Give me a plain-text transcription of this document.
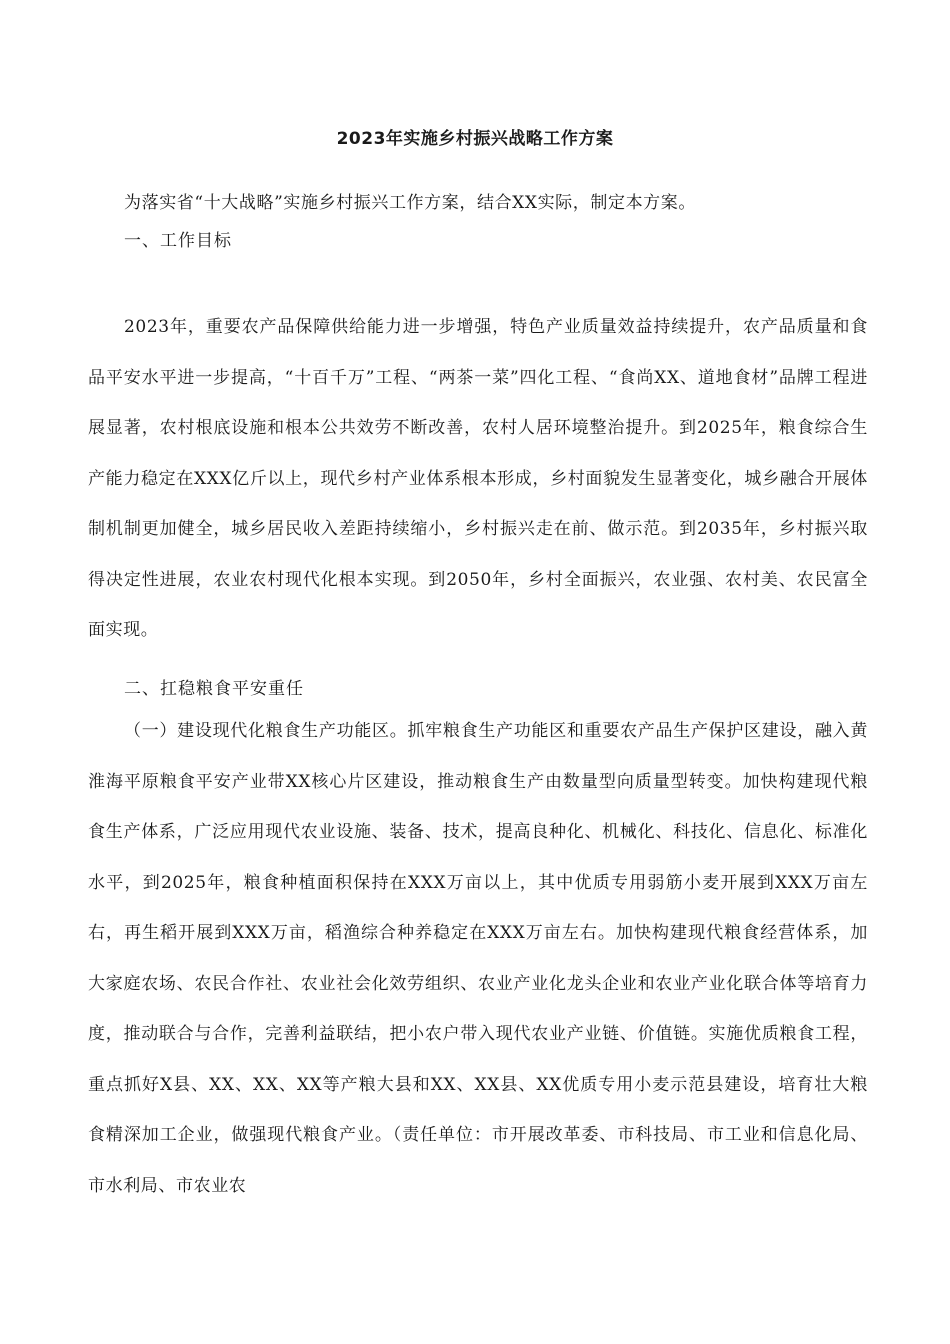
2023年实施乡村振兴战略工作方案

为落实省“十大战略”实施乡村振兴工作方案，结合XX实际，制定本方案。

一、工作目标

2023年，重要农产品保障供给能力进一步增强，特色产业质量效益持续提升，农产品质量和食品平安水平进一步提高，“十百千万”工程、“两茶一菜”四化工程、“食尚XX、道地食材”品牌工程进展显著，农村根底设施和根本公共效劳不断改善，农村人居环境整治提升。到2025年，粮食综合生产能力稳定在XXX亿斤以上，现代乡村产业体系根本形成，乡村面貌发生显著变化，城乡融合开展体制机制更加健全，城乡居民收入差距持续缩小，乡村振兴走在前、做示范。到2035年，乡村振兴取得决定性进展，农业农村现代化根本实现。到2050年，乡村全面振兴，农业强、农村美、农民富全面实现。

二、扛稳粮食平安重任

（一）建设现代化粮食生产功能区。抓牢粮食生产功能区和重要农产品生产保护区建设，融入黄淮海平原粮食平安产业带XX核心片区建设，推动粮食生产由数量型向质量型转变。加快构建现代粮食生产体系，广泛应用现代农业设施、装备、技术，提高良种化、机械化、科技化、信息化、标准化水平，到2025年，粮食种植面积保持在XXX万亩以上，其中优质专用弱筋小麦开展到XXX万亩左右，再生稻开展到XXX万亩，稻渔综合种养稳定在XXX万亩左右。加快构建现代粮食经营体系，加大家庭农场、农民合作社、农业社会化效劳组织、农业产业化龙头企业和农业产业化联合体等培育力度，推动联合与合作，完善利益联结，把小农户带入现代农业产业链、价值链。实施优质粮食工程，重点抓好X县、XX、XX、XX等产粮大县和XX、XX县、XX优质专用小麦示范县建设，培育壮大粮食精深加工企业，做强现代粮食产业。（责任单位：市开展改革委、市科技局、市工业和信息化局、市水利局、市农业农
